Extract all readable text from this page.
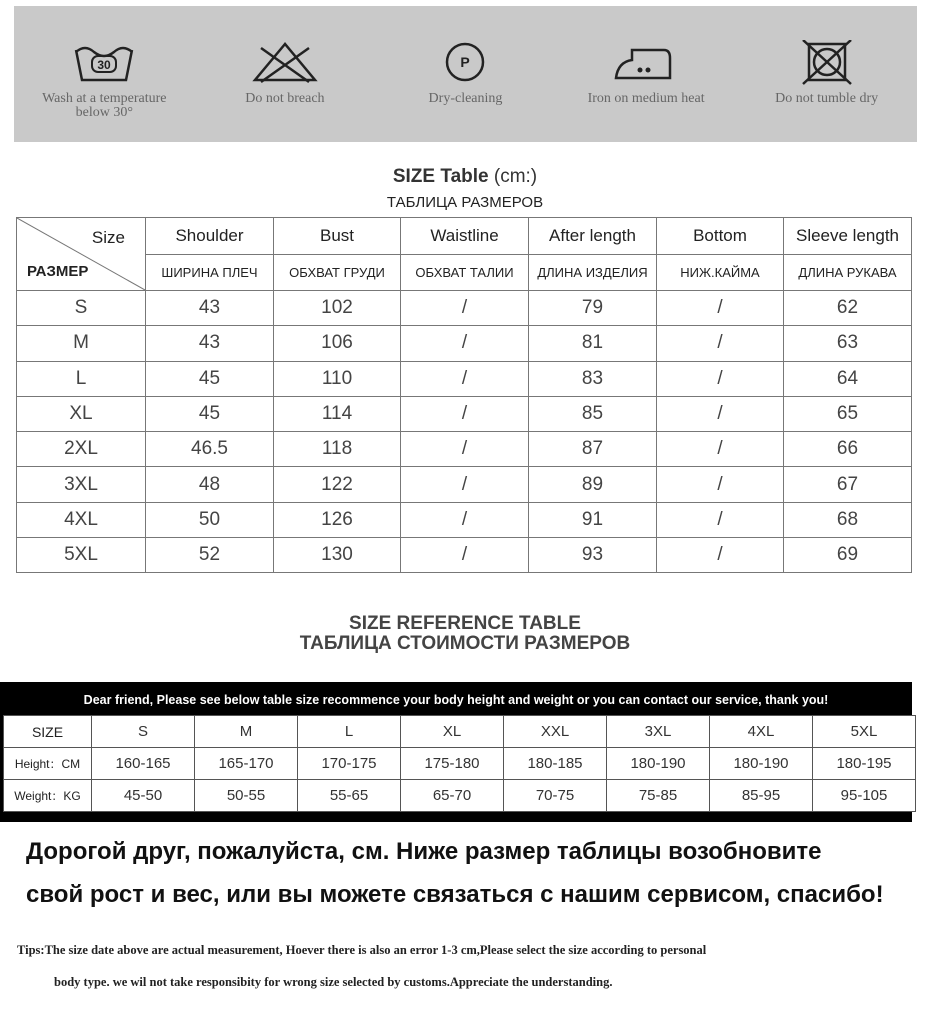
30
Wash at a temperature
below 30°
Do not breach
P
Dry-cleaning	Iron on medium heat	Do not tumble dry
SIZE Table (cm:)
ТАБЛИЦА РАЗМЕРОВ
Size
РАЗМЕР	Shoulder	Bust	Waistline	After length	Bottom	Sleeve length
	ШИРИНА ПЛЕЧ	ОБХВАТ ГРУДИ	ОБХВАТ ТАЛИИ	ДЛИНА ИЗДЕЛИЯ	НИЖ.КАЙМА	ДЛИНА РУКАВА
S	43	102	/	79	/	62
M	43	106	/	81	/	63
L	45	110	/	83	/	64
XL	45	114	/	85	/	65
2XL	46.5	118	/	87	/	66
3XL	48	122	/	89	/	67
4XL	50	126	/	91	/	68
5XL	52	130	/	93	/	69
SIZE REFERENCE TABLE
ТАБЛИЦА СТОИМОСТИ РАЗМЕРОВ
Dear friend, Please see below table size recommence your body height and weight or you can contact our service, thank you!
SIZE	S	M	L	XL	XXL	3XL	4XL	5XL
Height：CM	160-165	165-170	170-175	175-180	180-185	180-190	180-190	180-195
Weight：KG	45-50	50-55	55-65	65-70	70-75	75-85	85-95	95-105
Дорогой друг, пожалуйста, см. Ниже размер таблицы возобновите
свой рост и вес, или вы можете связаться с нашим сервисом, спасибо!
Tips:The size date above are actual measurement, Hoever there is also an error 1-3 cm,Please select the size according to personal
body type. we wil not take responsibity for wrong size selected by customs.Appreciate the understanding.
